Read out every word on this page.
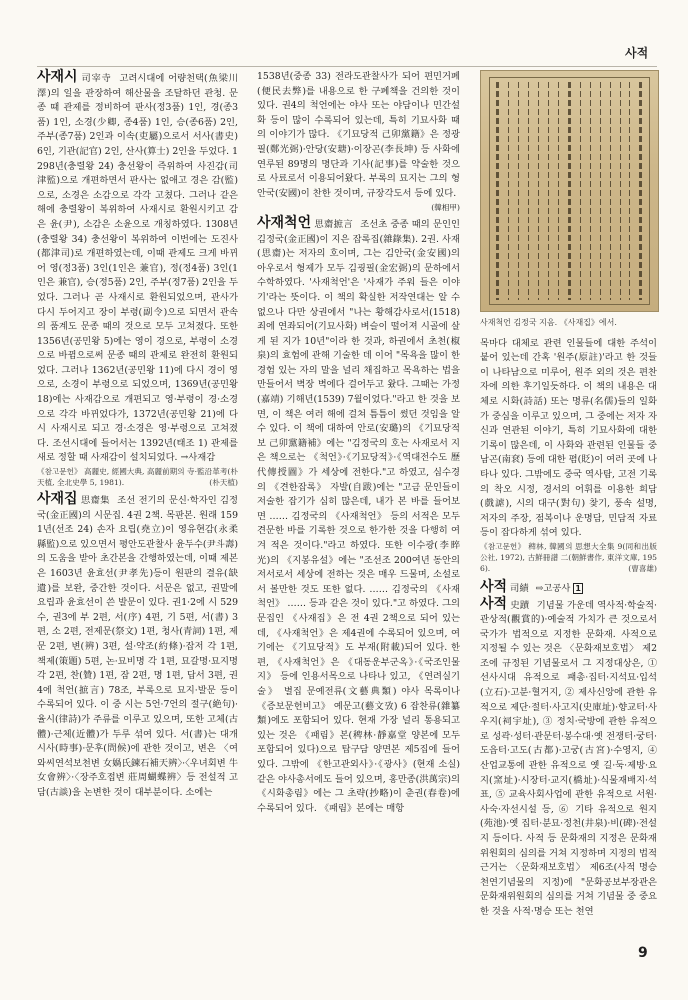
사적
사재시 司宰寺 고려시대에 어량천택(魚梁川澤)의 일을 관장하여 해산물을 조달하던 관청. 문종 때 관제를 정비하여 판사(정3품) 1인, 경(종3품) 1인, 소경(少卿, 종4품) 1인, 승(종6품) 2인, 주부(종7품) 2인과 이속(吏屬)으로서 서사(書史) 6인, 기관(記官) 2인, 산사(算士) 2인을 두었다. 1298년(충렬왕 24) 충선왕이 즉위하여 사진감(司津監)으로 개편하면서 판사는 없애고 경은 감(監)으로, 소경은 소감으로 각각 고쳤다. 그러나 같은해에 충렬왕이 복위하여 사재시로 환원시키고 감은 윤(尹), 소감은 소윤으로 개칭하였다. 1308년(충렬왕 34) 충선왕이 복위하여 이번에는 도진사(都津司)로 개편하였는데, 이때 관제도 크게 바뀌어 영(정3품) 3인(1인은 兼官), 정(정4품) 3인(1인은 兼官), 승(정5품) 2인, 주부(정7품) 2인을 두었다. 그러나 곧 사재시로 환원되었으며, 관사가 다시 두어지고 장이 부령(副令)으로 되면서 관속의 품계도 문종 때의 것으로 모두 고쳐졌다. 또한 1356년(공민왕 5)에는 영이 경으로, 부령이 소경으로 바뀜으로써 문종 때의 관제로 완전히 환원되었다. 그러나 1362년(공민왕 11)에 다시 경이 영으로, 소경이 부령으로 되었으며, 1369년(공민왕 18)에는 사재감으로 개편되고 영·부령이 경·소경으로 각각 바뀌었다가, 1372년(공민왕 21)에 다시 사재시로 되고 경·소경은 영·부령으로 고쳐졌다. 조선시대에 들어서는 1392년(태조 1) 관제를 새로 정할 때 사재감이 설치되었다. →사재감
《참고문헌》 高麗史, 經國大典, 高麗前期의 寺·監沿革考(朴天植, 全北史學 5, 1981).	(朴天植)
사재집 思齋集 조선 전기의 문신·학자인 김정국(金正國)의 시문집. 4권 2책. 목판본. 원래 1591년(선조 24) 손자 요립(堯立)이 영유현감(永柔縣監)으로 있으면서 평안도관찰사 윤두수(尹斗壽)의 도움을 받아 초간본을 간행하였는데, 이때 제본은 1603년 윤효선(尹孝先)등이 원판의 결유(缺遺)를 보완, 중간한 것이다. 서문은 없고, 권말에 요립과 윤효선이 쓴 발문이 있다. 권1·2에 시 529수, 권3에 부 2편, 서(序) 4편, 기 5편, 서(書) 3편, 소 2편, 전제문(祭文) 1편, 청사(青詞) 1편, 제문 2편, 변(辨) 3편, 설·약조(約條)·잡저 각 1편, 책제(策題) 5편, 논·묘비명 각 1편, 묘갈명·묘지명 각 2편, 찬(贊) 1편, 잠 2편, 명 1편, 답서 3편, 권4에 척언(摭言) 78조, 부록으로 묘지·발문 등이 수록되어 있다. 이 중 시는 5언·7언의 절구(絶句)·율시(律詩)가 주류를 이루고 있으며, 또한 고체(古體)·근체(近體)가 두루 섞여 있다. 서(書)는 대개 시사(時事)·문후(問候)에 관한 것이고, 변은 〈여와씨연석보천변 女媧氏鍊石補天辨〉·〈우녀회변 牛女會辨〉·〈장주호접변 莊周蝴蝶辨〉등 전설적 고담(古談)을 논변한 것이 대부분이다. 소에는
1538년(중종 33) 전라도관찰사가 되어 편민거폐(便民去弊)를 내용으로 한 구폐책을 건의한 것이 있다. 권4의 척언에는 야사 또는 야담이나 민간설화 등이 많이 수록되어 있는데, 특히 기묘사화 때의 이야기가 많다. 《기묘당적 己卯黨籍》은 정광필(鄭光弼)·안당(安瑭)·이장곤(李長坤) 등 사화에 연루된 89명의 명단과 기사(記事)를 약술한 것으로 사료로서 이용되어왔다. 부록의 묘지는 그의 형 안국(安國)이 찬한 것이며, 규장각도서 등에 있다.
(韓相甲)
사재척언 思齋摭言 조선초 중종 때의 문인인 김정국(金正國)이 지은 잡록집(雜錄集). 2권. 사재(思齋)는 저자의 호이며, 그는 김안국(金安國)의 아우로서 형제가 모두 김굉필(金宏弼)의 문하에서 수학하였다. '사재척언'은 '사재가 주워 들은 이야기'라는 뜻이다. 이 책의 확실한 저작연대는 알 수 없으나 다만 상권에서 "나는 황해감사로서(1518) 죄에 연좌되어(기묘사화) 벼슬이 떨어져 시골에 살게 된 지가 10년"이라 한 것과, 하권에서 초천(椒泉)의 효험에 관해 기술한 데 이어 "목욕을 많이 한 경험 있는 자의 말을 널리 채집하고 목욕하는 법을 만들어서 벽장 벽에다 걸어두고 왔다. 그때는 가정(嘉靖) 기해년(1539) 7월이었다."라고 한 것을 보면, 이 책은 여러 해에 걸쳐 틈틈이 썼던 것임을 알 수 있다. 이 책에 대하여 안로(安璐)의 《기묘당적보 己卯黨籍補》에는 "김정국의 호는 사재로서 지은 책으로는 《척언》·《기묘당적》·《역대전수도 歷代傳授圖》가 세상에 전한다."고 하였고, 심수경의 《견한잡록》 자발(自跋)에는 "고금 문인들이 저술한 잡기가 심히 많은데, 내가 본 바를 들어보면 …… 김정국의 《사재척언》 등의 서적은 모두 견문한 바를 기록한 것으로 한가한 것을 다행히 여겨 적은 것이다."라고 하였다. 또한 이수광(李睟光)의 《지봉유설》에는 "조선조 200여년 동안의 저서로서 세상에 전하는 것은 매우 드물며, 소설로서 볼만한 것도 또한 없다. …… 김정국의 《사재척언》 …… 등과 같은 것이 있다."고 하였다. 그의 문집인 《사재집》은 전 4권 2책으로 되어 있는데, 《사재척언》은 제4권에 수록되어 있으며, 여기에는 《기묘당적》도 부재(附載)되어 있다. 한편, 《사재척언》은 《대동운부군옥》·《국조인물지》 등에 인용서목으로 나타나 있고, 《연려실기술》 별집 문예전류(文藝典類) 야사 목록이나 《증보문헌비고》 예문고(藝文攷) 6 잡찬류(雜纂類)에도 포함되어 있다. 현재 가장 널리 통용되고 있는 것은 《패림》본(稗林·靜嘉堂 양본에 모두 포함되어 있다)으로 탑구담 양면본 제5집에 들어 있다. 그밖에 《한고관외사》·《광사》(현재 소실) 같은 야사총서에도 들어 있으며, 홍만종(洪萬宗)의 《시화총림》에는 그 초략(抄略)이 춘권(春卷)에 수록되어 있다. 《패림》본에는 매항
사재척언 김정국 지음. 《사재집》에서.
목마다 대체로 관련 인물들에 대한 주석이 붙어 있는데 간혹 '원주(原註)'라고 한 것들이 나타남으로 미루어, 원주 외의 것은 편찬자에 의한 후기일듯하다. 이 책의 내용은 대체로 시화(詩話) 또는 명류(名儒)들의 일화가 중심을 이루고 있으며, 그 중에는 저자 자신과 연관된 이야기, 특히 기묘사화에 대한 기록이 많은데, 이 사화와 관련된 인물들 중 남곤(南袞) 등에 대한 폄(貶)이 여러 곳에 나타나 있다. 그밖에도 중국 역사탐, 고전 기록의 착오 시정, 경서의 어휘를 이용한 희담(戲謔), 시의 대구(對句) 찾기, 풍속 설명, 저자의 주장, 점복이나 운명담, 민담적 자료 등이 잡다하게 섞여 있다.
《참고문헌》 稗林, 韓國의 思想大全集 9(同和出版公社, 1972), 古鮮冊譜 二(朝鮮書作, 東洋文庫, 1956).	(曺喜雄)
사적 司績 ⇨고공사 1
사적 史蹟 기념물 가운데 역사적·학술적·관상적(觀賞的)·예술적 가치가 큰 것으로서 국가가 법적으로 지정한 문화재. 사적으로 지정될 수 있는 것은 〈문화재보호법〉 제2조에 규정된 기념물로서 그 지정대상은, ① 선사시대 유적으로 패총·집터·지석묘·입석(立石)·고분·혈거지, ② 제사신앙에 관한 유적으로 제단·절터·사고지(史庫址)·향교터·사우지(祠宇址), ③ 정치·국방에 관한 유적으로 성곽·성터·관문터·봉수대·옛 전쟁터·궁터·도읍터·고도(古都)·고궁(古宮)·수영지, ④ 산업교통에 관한 유적으로 옛 길·둑·제방·요지(窯址)·시장터·교지(橋址)·식물재배지·석표, ⑤ 교육사회사업에 관한 유적으로 서원·사숙·자선시설 등, ⑥ 기타 유적으로 원지(苑池)·옛 집터·분묘·정천(井泉)·비(碑)·전설지 등이다. 사적 등 문화재의 지정은 문화재위원회의 심의를 거쳐 지정하며 지정의 법적 근거는 〈문화재보호법〉 제6조(사적 명승 천연기념물의 지정)에 "문화공보부장관은 문화재위원회의 심의를 거쳐 기념물 중 중요한 것을 사적·명승 또는 천연
9
